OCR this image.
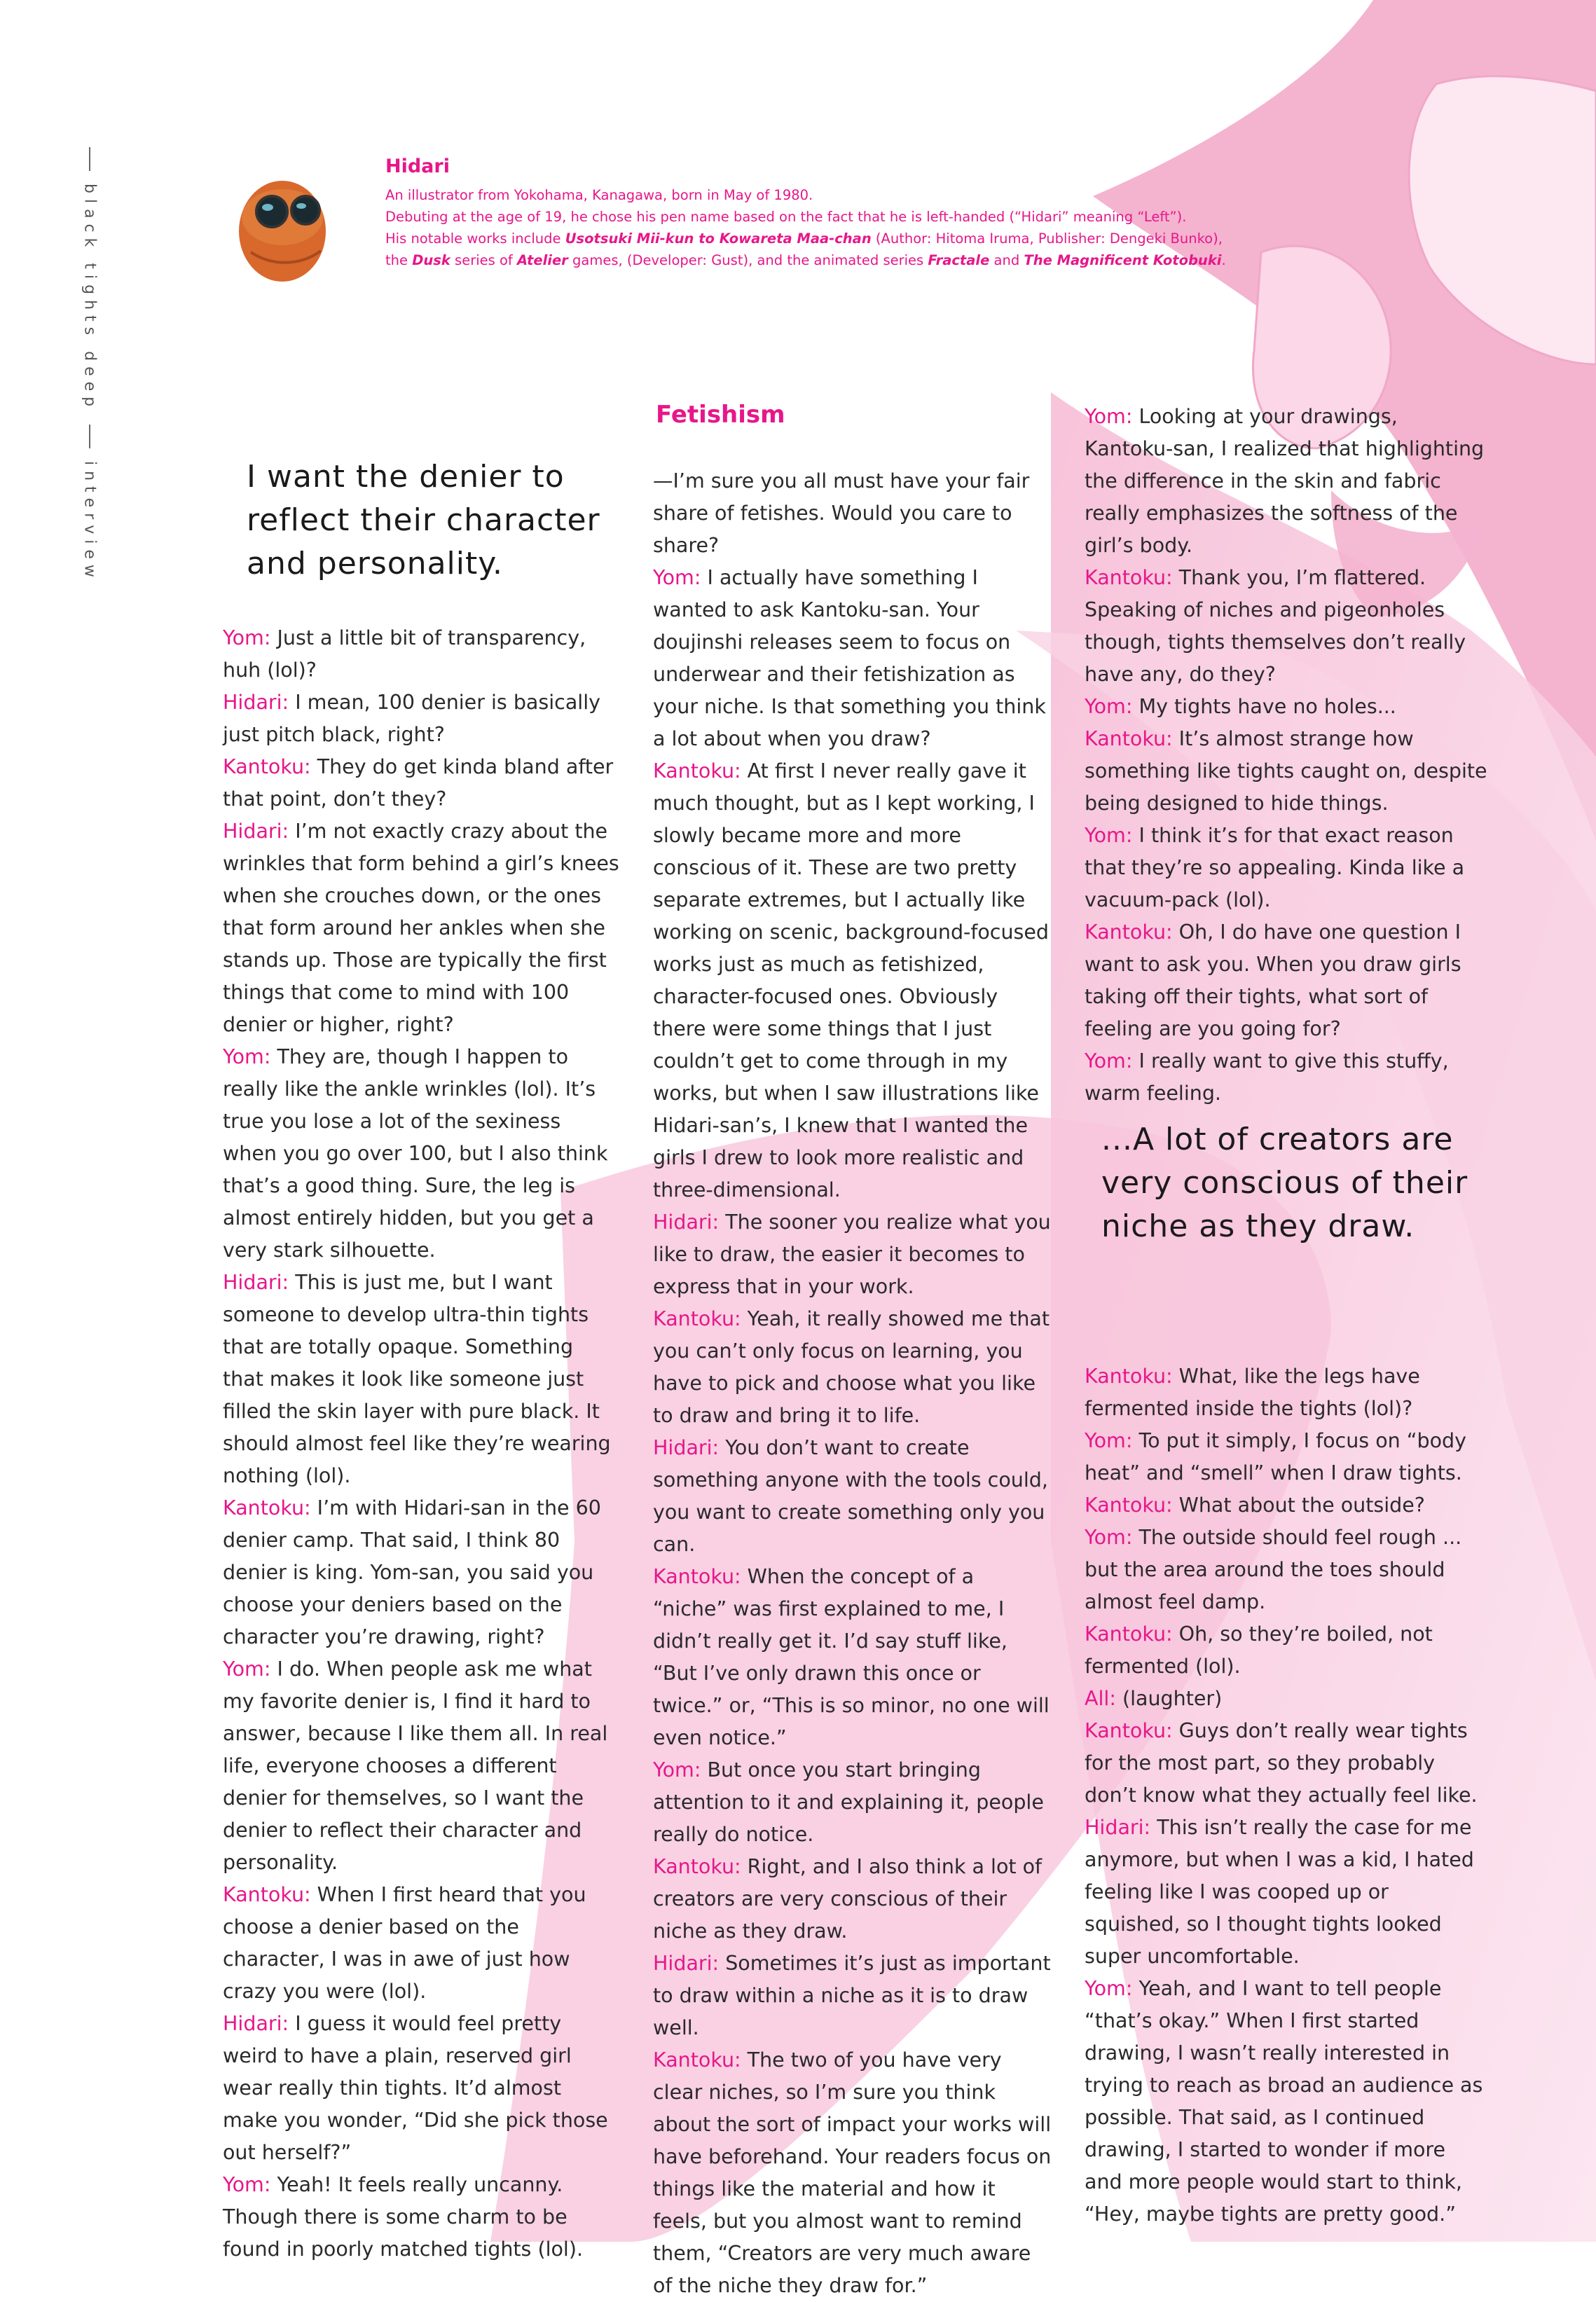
black tights deep
interview
Hidari
An illustrator from Yokohama, Kanagawa, born in May of 1980.
Debuting at the age of 19, he chose his pen name based on the fact that he is left-handed (“Hidari” meaning “Left”).
His notable works include Usotsuki Mii-kun to Kowareta Maa-chan (Author: Hitoma Iruma, Publisher: Dengeki Bunko),
the Dusk series of Atelier games, (Developer: Gust), and the animated series Fractale and The Magnificent Kotobuki.
I want the denier to reflect their character and personality.
Fetishism
...A lot of creators are very conscious of their niche as they draw.

Yom: Just a little bit of transparency, huh (lol)?

Hidari: I mean, 100 denier is basically just pitch black, right?

Kantoku: They do get kinda bland after that point, don’t they?

Hidari: I’m not exactly crazy about the wrinkles that form behind a girl’s knees when she crouches down, or the ones that form around her ankles when she stands up. Those are typically the first things that come to mind with 100 denier or higher, right?

Yom: They are, though I happen to really like the ankle wrinkles (lol). It’s true you lose a lot of the sexiness when you go over 100, but I also think that’s a good thing. Sure, the leg is almost entirely hidden, but you get a very stark silhouette.

Hidari: This is just me, but I want someone to develop ultra-thin tights that are totally opaque. Something that makes it look like someone just filled the skin layer with pure black. It should almost feel like they’re wearing nothing (lol).

Kantoku: I’m with Hidari-san in the 60 denier camp. That said, I think 80 denier is king. Yom-san, you said you choose your deniers based on the character you’re drawing, right?

Yom: I do. When people ask me what my favorite denier is, I find it hard to answer, because I like them all. In real life, everyone chooses a different denier for themselves, so I want the denier to reflect their character and personality.

Kantoku: When I first heard that you choose a denier based on the character, I was in awe of just how crazy you were (lol).

Hidari: I guess it would feel pretty weird to have a plain, reserved girl wear really thin tights. It’d almost make you wonder, “Did she pick those out herself?”

Yom: Yeah! It feels really uncanny. Though there is some charm to be found in poorly matched tights (lol).

—I’m sure you all must have your fair share of fetishes. Would you care to share?

Yom: I actually have something I wanted to ask Kantoku-san. Your doujinshi releases seem to focus on underwear and their fetishization as your niche. Is that something you think a lot about when you draw?

Kantoku: At first I never really gave it much thought, but as I kept working, I slowly became more and more conscious of it. These are two pretty separate extremes, but I actually like working on scenic, background-focused works just as much as fetishized, character-focused ones. Obviously there were some things that I just couldn’t get to come through in my works, but when I saw illustrations like Hidari-san’s, I knew that I wanted the girls I drew to look more realistic and three-dimensional.

Hidari: The sooner you realize what you like to draw, the easier it becomes to express that in your work.

Kantoku: Yeah, it really showed me that you can’t only focus on learning, you have to pick and choose what you like to draw and bring it to life.

Hidari: You don’t want to create something anyone with the tools could, you want to create something only you can.

Kantoku: When the concept of a “niche” was first explained to me, I didn’t really get it. I’d say stuff like, “But I’ve only drawn this once or twice.” or, “This is so minor, no one will even notice.”

Yom: But once you start bringing attention to it and explaining it, people really do notice.

Kantoku: Right, and I also think a lot of creators are very conscious of their niche as they draw.

Hidari: Sometimes it’s just as important to draw within a niche as it is to draw well.

Kantoku: The two of you have very clear niches, so I’m sure you think about the sort of impact your works will have beforehand. Your readers focus on things like the material and how it feels, but you almost want to remind them, “Creators are very much aware of the niche they draw for.”

Yom: Looking at your drawings, Kantoku-san, I realized that highlighting the difference in the skin and fabric really emphasizes the softness of the girl’s body.

Kantoku: Thank you, I’m flattered. Speaking of niches and pigeonholes though, tights themselves don’t really have any, do they?

Yom: My tights have no holes...

Kantoku: It’s almost strange how something like tights caught on, despite being designed to hide things.

Yom: I think it’s for that exact reason that they’re so appealing. Kinda like a vacuum-pack (lol).

Kantoku: Oh, I do have one question I want to ask you. When you draw girls taking off their tights, what sort of feeling are you going for?

Yom: I really want to give this stuffy, warm feeling.

Kantoku: What, like the legs have fermented inside the tights (lol)?

Yom: To put it simply, I focus on “body heat” and “smell” when I draw tights.

Kantoku: What about the outside?

Yom: The outside should feel rough ... but the area around the toes should almost feel damp.

Kantoku: Oh, so they’re boiled, not fermented (lol).

All: (laughter)

Kantoku: Guys don’t really wear tights for the most part, so they probably don’t know what they actually feel like.

Hidari: This isn’t really the case for me anymore, but when I was a kid, I hated feeling like I was cooped up or squished, so I thought tights looked super uncomfortable.

Yom: Yeah, and I want to tell people “that’s okay.” When I first started drawing, I wasn’t really interested in trying to reach as broad an audience as possible. That said, as I continued drawing, I started to wonder if more and more people would start to think, “Hey, maybe tights are pretty good.”
